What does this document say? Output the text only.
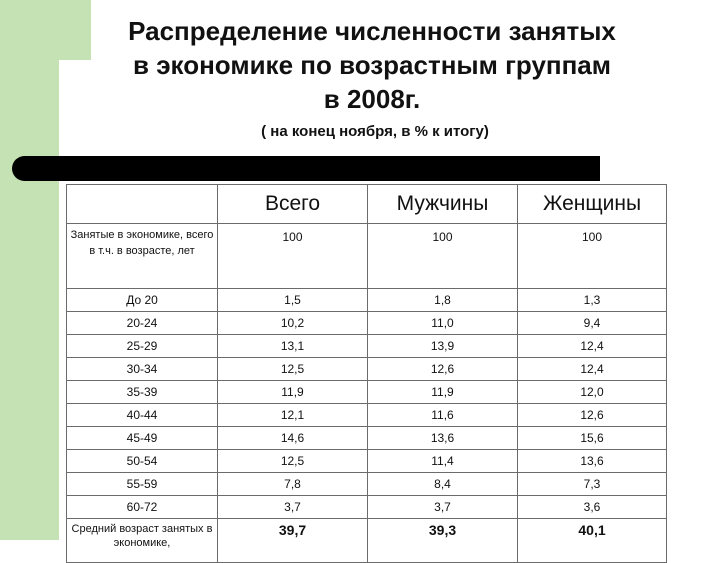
Распределение численности занятых
в экономике по возрастным группам
в 2008г.
( на конец ноября, в % к итогу)
	Всего	Мужчины	Женщины
Занятые в экономике, всего в т.ч. в возрасте, лет	100	100	100
До 20	1,5	1,8	1,3
20-24	10,2	11,0	9,4
25-29	13,1	13,9	12,4
30-34	12,5	12,6	12,4
35-39	11,9	11,9	12,0
40-44	12,1	11,6	12,6
45-49	14,6	13,6	15,6
50-54	12,5	11,4	13,6
55-59	7,8	8,4	7,3
60-72	3,7	3,7	3,6
Средний возраст занятых в экономике,	39,7	39,3	40,1
